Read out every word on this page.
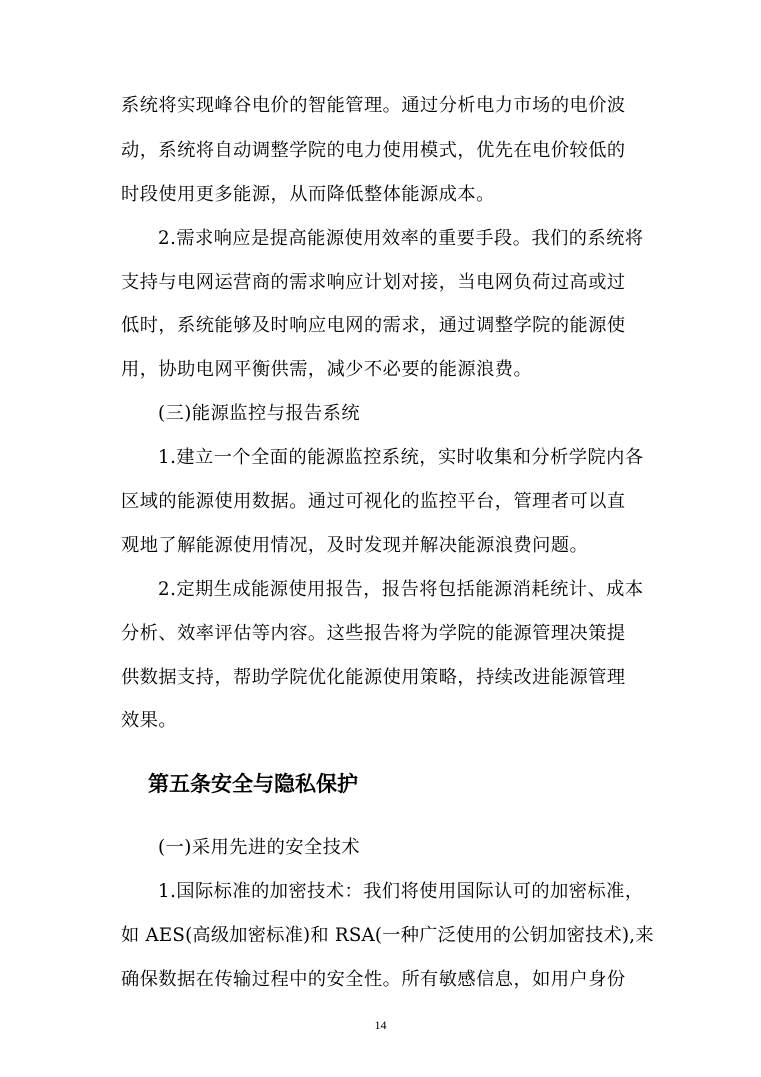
系统将实现峰谷电价的智能管理。通过分析电力市场的电价波
动，系统将自动调整学院的电力使用模式，优先在电价较低的
时段使用更多能源，从而降低整体能源成本。
2.需求响应是提高能源使用效率的重要手段。我们的系统将
支持与电网运营商的需求响应计划对接，当电网负荷过高或过
低时，系统能够及时响应电网的需求，通过调整学院的能源使
用，协助电网平衡供需，减少不必要的能源浪费。
(三)能源监控与报告系统
1.建立一个全面的能源监控系统，实时收集和分析学院内各
区域的能源使用数据。通过可视化的监控平台，管理者可以直
观地了解能源使用情况，及时发现并解决能源浪费问题。
2.定期生成能源使用报告，报告将包括能源消耗统计、成本
分析、效率评估等内容。这些报告将为学院的能源管理决策提
供数据支持，帮助学院优化能源使用策略，持续改进能源管理
效果。
第五条安全与隐私保护
(一)采用先进的安全技术
1.国际标准的加密技术：我们将使用国际认可的加密标准，
如 AES(高级加密标准)和 RSA(一种广泛使用的公钥加密技术),来
确保数据在传输过程中的安全性。所有敏感信息，如用户身份
14
